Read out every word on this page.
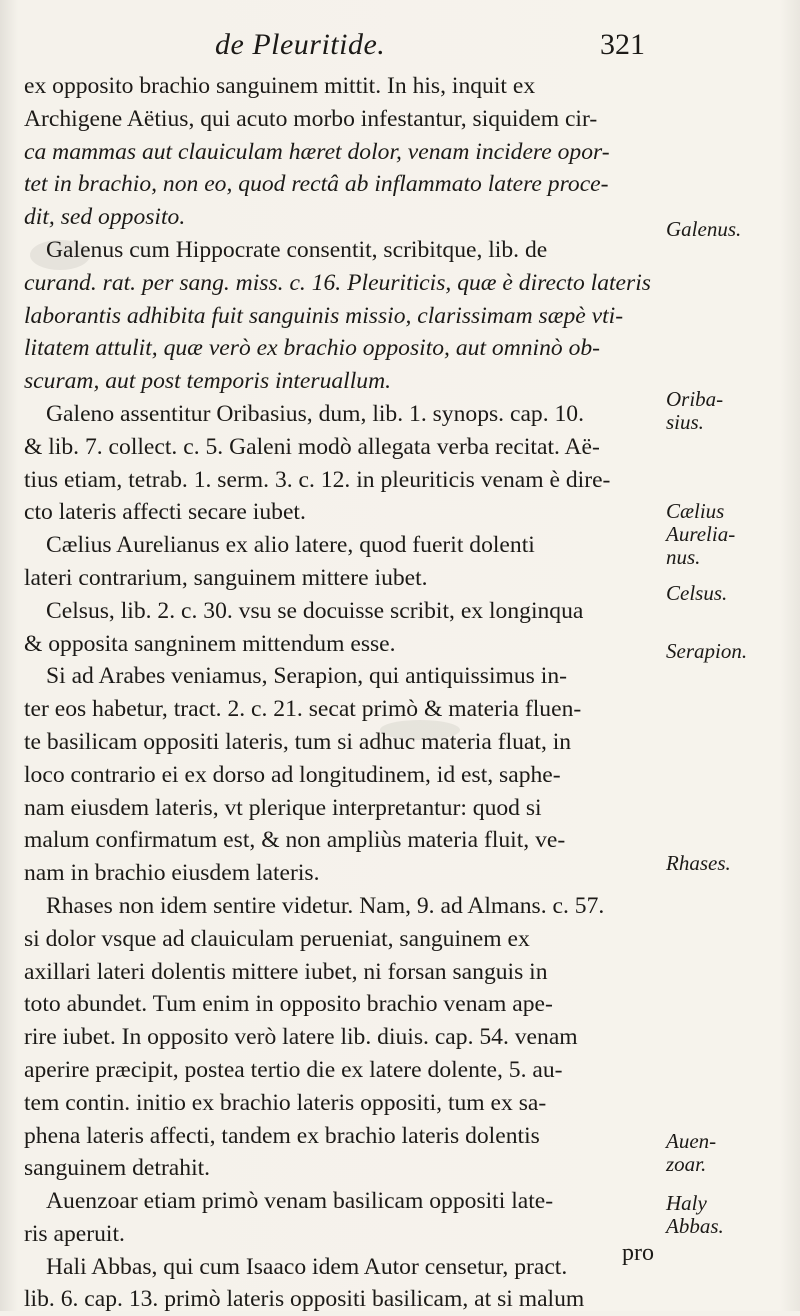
de Pleuritide.	321

ex opposito brachio sanguinem mittit. In his, inquit ex
Archigene Aëtius, qui acuto morbo infestantur, siquidem cir-
ca mammas aut clauiculam hæret dolor, venam incidere opor-
tet in brachio, non eo, quod rectâ ab inflammato latere proce-
dit, sed opposito.

Galenus cum Hippocrate consentit, scribitque, lib. de
curand. rat. per sang. miss. c. 16. Pleuriticis, quæ è directo lateris
laborantis adhibita fuit sanguinis missio, clarissimam sæpè vti-
litatem attulit, quæ verò ex brachio opposito, aut omninò ob-
scuram, aut post temporis interuallum.

Galeno assentitur Oribasius, dum, lib. 1. synops. cap. 10.
& lib. 7. collect. c. 5. Galeni modò allegata verba recitat. Aë-
tius etiam, tetrab. 1. serm. 3. c. 12. in pleuriticis venam è dire-
cto lateris affecti secare iubet.

Cælius Aurelianus ex alio latere, quod fuerit dolenti
lateri contrarium, sanguinem mittere iubet.

Celsus, lib. 2. c. 30. vsu se docuisse scribit, ex longinqua
& opposita sangninem mittendum esse.

Si ad Arabes veniamus, Serapion, qui antiquissimus in-
ter eos habetur, tract. 2. c. 21. secat primò & materia fluen-
te basilicam oppositi lateris, tum si adhuc materia fluat, in
loco contrario ei ex dorso ad longitudinem, id est, saphe-
nam eiusdem lateris, vt plerique interpretantur: quod si
malum confirmatum est, & non ampliùs materia fluit, ve-
nam in brachio eiusdem lateris.

Rhases non idem sentire videtur. Nam, 9. ad Almans. c. 57.
si dolor vsque ad clauiculam perueniat, sanguinem ex
axillari lateri dolentis mittere iubet, ni forsan sanguis in
toto abundet. Tum enim in opposito brachio venam ape-
rire iubet. In opposito verò latere lib. diuis. cap. 54. venam
aperire præcipit, postea tertio die ex latere dolente, 5. au-
tem contin. initio ex brachio lateris oppositi, tum ex sa-
phena lateris affecti, tandem ex brachio lateris dolentis
sanguinem detrahit.

Auenzoar etiam primò venam basilicam oppositi late-
ris aperuit.

Hali Abbas, qui cum Isaaco idem Autor censetur, pract.
lib. 6. cap. 13. primò lateris oppositi basilicam, at si malum

Galenus.
Oriba-
sius.
Cælius
Aurelia-
nus.
Celsus.
Serapion.
Rhases.
Auen-
zoar.
Haly
Abbas.
pro
